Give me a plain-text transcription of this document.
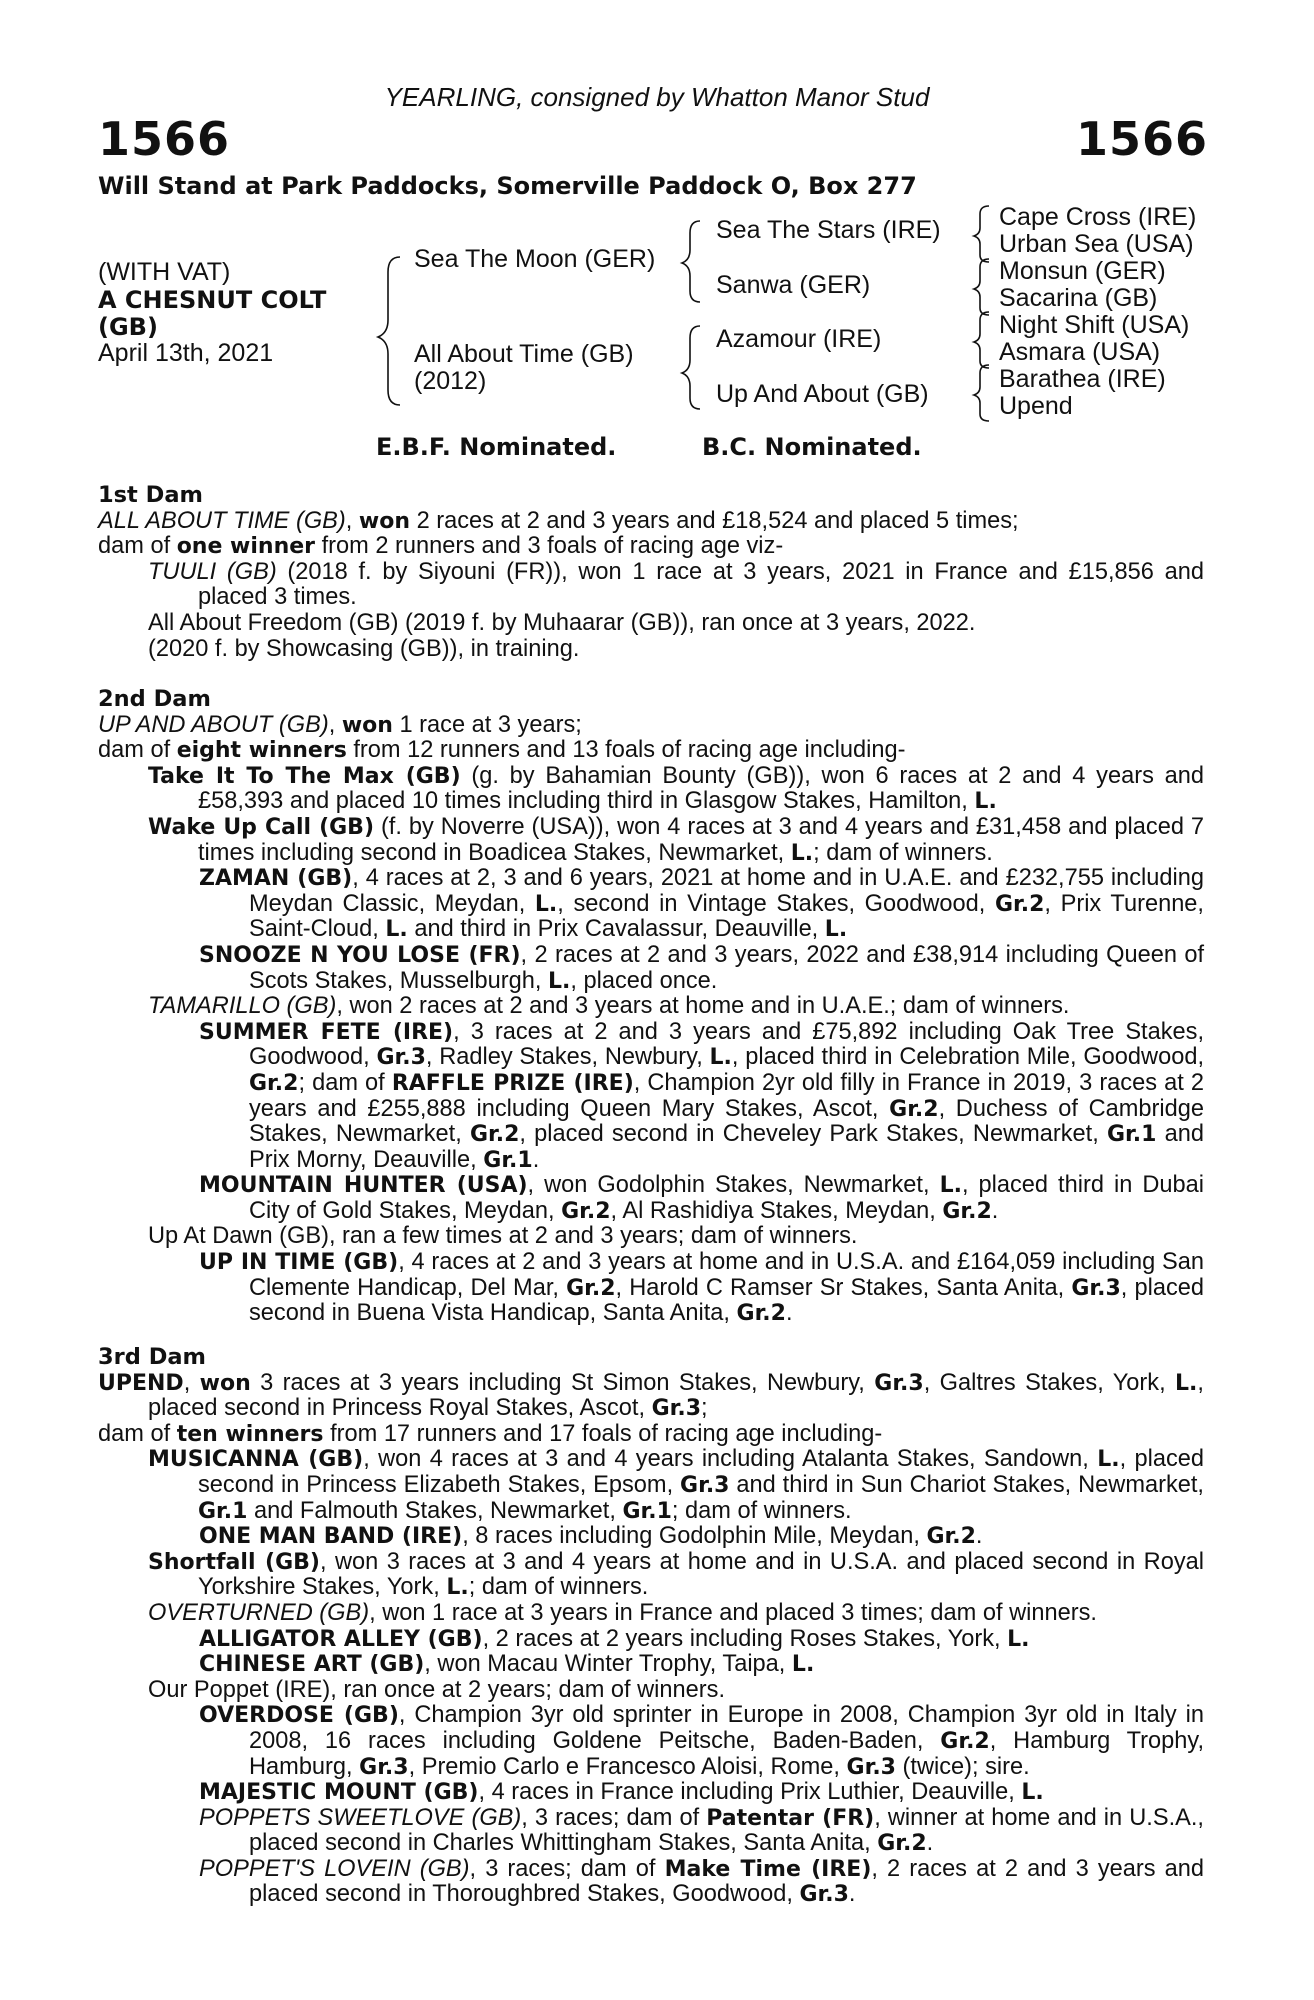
YEARLING, consigned by Whatton Manor Stud
1566	1566
Will Stand at Park Paddocks, Somerville Paddock O, Box 277
(WITH VAT)
A CHESNUT COLT
(GB)
April 13th, 2021
Sea The Moon (GER)
All About Time (GB)
(2012)
Sea The Stars (IRE)
Sanwa (GER)
Azamour (IRE)
Up And About (GB)
Cape Cross (IRE)
Urban Sea (USA)
Monsun (GER)
Sacarina (GB)
Night Shift (USA)
Asmara (USA)
Barathea (IRE)
Upend
E.B.F. Nominated.	B.C. Nominated.

1st Dam

ALL ABOUT TIME (GB), won 2 races at 2 and 3 years and £18,524 and placed 5 times;

dam of one winner from 2 runners and 3 foals of racing age viz-

TUULI (GB) (2018 f. by Siyouni (FR)), won 1 race at 3 years, 2021 in France and £15,856 and placed 3 times.

All About Freedom (GB) (2019 f. by Muhaarar (GB)), ran once at 3 years, 2022.

(2020 f. by Showcasing (GB)), in training.

2nd Dam

UP AND ABOUT (GB), won 1 race at 3 years;

dam of eight winners from 12 runners and 13 foals of racing age including-

Take It To The Max (GB) (g. by Bahamian Bounty (GB)), won 6 races at 2 and 4 years and £58,393 and placed 10 times including third in Glasgow Stakes, Hamilton, L.

Wake Up Call (GB) (f. by Noverre (USA)), won 4 races at 3 and 4 years and £31,458 and placed 7 times including second in Boadicea Stakes, Newmarket, L.; dam of winners.

ZAMAN (GB), 4 races at 2, 3 and 6 years, 2021 at home and in U.A.E. and £232,755 including Meydan Classic, Meydan, L., second in Vintage Stakes, Goodwood, Gr.2, Prix Turenne, Saint-Cloud, L. and third in Prix Cavalassur, Deauville, L.

SNOOZE N YOU LOSE (FR), 2 races at 2 and 3 years, 2022 and £38,914 including Queen of Scots Stakes, Musselburgh, L., placed once.

TAMARILLO (GB), won 2 races at 2 and 3 years at home and in U.A.E.; dam of winners.

SUMMER FETE (IRE), 3 races at 2 and 3 years and £75,892 including Oak Tree Stakes, Goodwood, Gr.3, Radley Stakes, Newbury, L., placed third in Celebration Mile, Goodwood, Gr.2; dam of RAFFLE PRIZE (IRE), Champion 2yr old filly in France in 2019, 3 races at 2 years and £255,888 including Queen Mary Stakes, Ascot, Gr.2, Duchess of Cambridge Stakes, Newmarket, Gr.2, placed second in Cheveley Park Stakes, Newmarket, Gr.1 and Prix Morny, Deauville, Gr.1.

MOUNTAIN HUNTER (USA), won Godolphin Stakes, Newmarket, L., placed third in Dubai City of Gold Stakes, Meydan, Gr.2, Al Rashidiya Stakes, Meydan, Gr.2.

Up At Dawn (GB), ran a few times at 2 and 3 years; dam of winners.

UP IN TIME (GB), 4 races at 2 and 3 years at home and in U.S.A. and £164,059 including San Clemente Handicap, Del Mar, Gr.2, Harold C Ramser Sr Stakes, Santa Anita, Gr.3, placed second in Buena Vista Handicap, Santa Anita, Gr.2.

3rd Dam

UPEND, won 3 races at 3 years including St Simon Stakes, Newbury, Gr.3, Galtres Stakes, York, L., placed second in Princess Royal Stakes, Ascot, Gr.3;

dam of ten winners from 17 runners and 17 foals of racing age including-

MUSICANNA (GB), won 4 races at 3 and 4 years including Atalanta Stakes, Sandown, L., placed second in Princess Elizabeth Stakes, Epsom, Gr.3 and third in Sun Chariot Stakes, Newmarket, Gr.1 and Falmouth Stakes, Newmarket, Gr.1; dam of winners.

ONE MAN BAND (IRE), 8 races including Godolphin Mile, Meydan, Gr.2.

Shortfall (GB), won 3 races at 3 and 4 years at home and in U.S.A. and placed second in Royal Yorkshire Stakes, York, L.; dam of winners.

OVERTURNED (GB), won 1 race at 3 years in France and placed 3 times; dam of winners.

ALLIGATOR ALLEY (GB), 2 races at 2 years including Roses Stakes, York, L.

CHINESE ART (GB), won Macau Winter Trophy, Taipa, L.

Our Poppet (IRE), ran once at 2 years; dam of winners.

OVERDOSE (GB), Champion 3yr old sprinter in Europe in 2008, Champion 3yr old in Italy in 2008, 16 races including Goldene Peitsche, Baden-Baden, Gr.2, Hamburg Trophy, Hamburg, Gr.3, Premio Carlo e Francesco Aloisi, Rome, Gr.3 (twice); sire.

MAJESTIC MOUNT (GB), 4 races in France including Prix Luthier, Deauville, L.

POPPETS SWEETLOVE (GB), 3 races; dam of Patentar (FR), winner at home and in U.S.A., placed second in Charles Whittingham Stakes, Santa Anita, Gr.2.

POPPET'S LOVEIN (GB), 3 races; dam of Make Time (IRE), 2 races at 2 and 3 years and placed second in Thoroughbred Stakes, Goodwood, Gr.3.
